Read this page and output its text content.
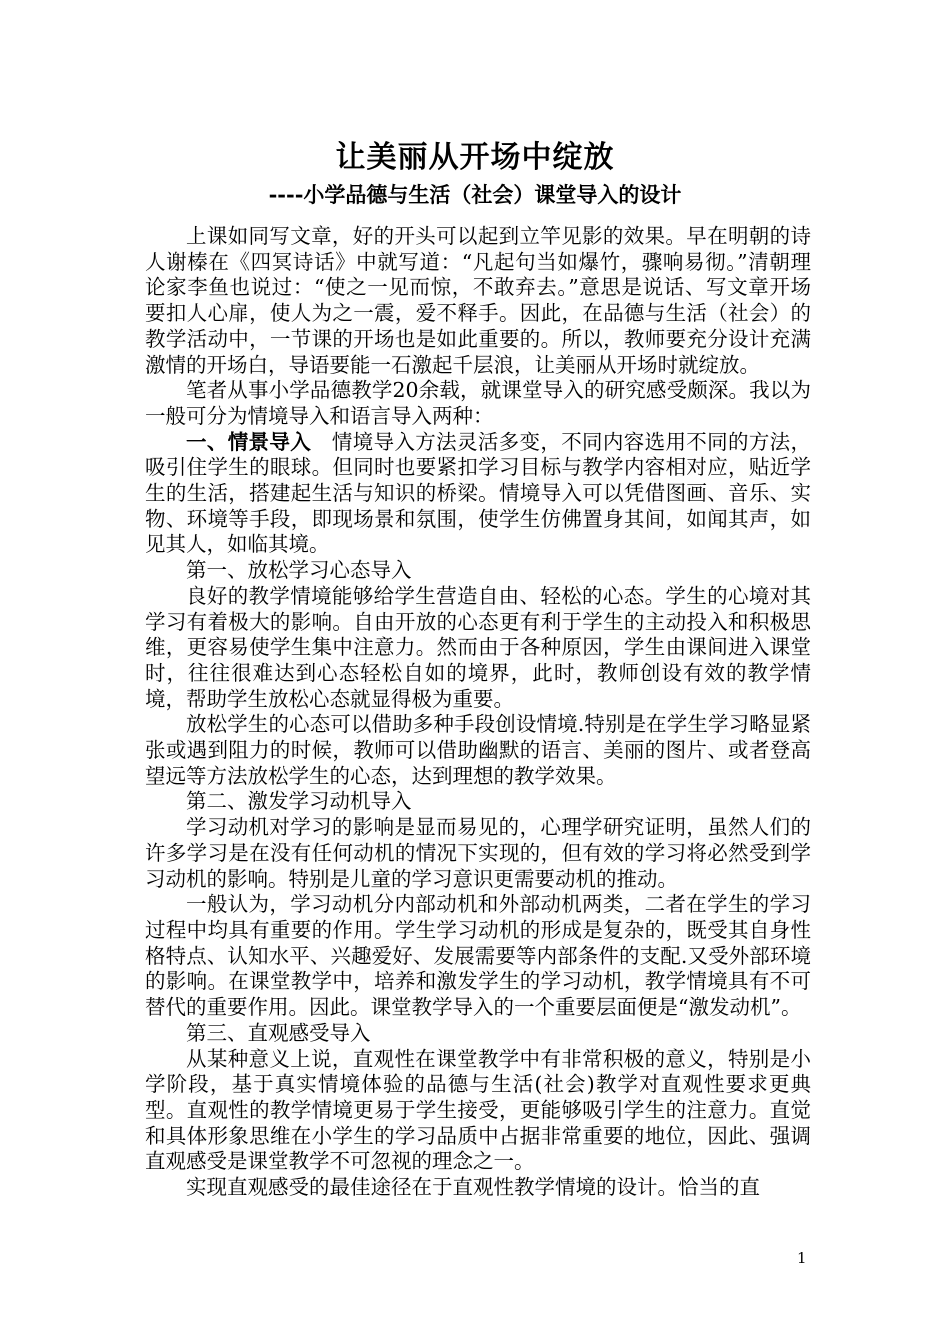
让美丽从开场中绽放
----小学品德与生活（社会）课堂导入的设计

上课如同写文章，好的开头可以起到立竿见影的效果。早在明朝的诗人谢榛在《四冥诗话》中就写道：“凡起句当如爆竹，骤响易彻。”清朝理论家李鱼也说过：“使之一见而惊，不敢弃去。”意思是说话、写文章开场要扣人心扉，使人为之一震，爱不释手。因此，在品德与生活（社会）的教学活动中，一节课的开场也是如此重要的。所以，教师要充分设计充满激情的开场白，导语要能一石激起千层浪，让美丽从开场时就绽放。

笔者从事小学品德教学20余载，就课堂导入的研究感受颇深。我以为一般可分为情境导入和语言导入两种：

一、情景导入　情境导入方法灵活多变，不同内容选用不同的方法，吸引住学生的眼球。但同时也要紧扣学习目标与教学内容相对应，贴近学生的生活，搭建起生活与知识的桥梁。情境导入可以凭借图画、音乐、实物、环境等手段，即现场景和氛围，使学生仿佛置身其间，如闻其声，如见其人，如临其境。

第一、放松学习心态导入

良好的教学情境能够给学生营造自由、轻松的心态。学生的心境对其学习有着极大的影响。自由开放的心态更有利于学生的主动投入和积极思维，更容易使学生集中注意力。然而由于各种原因，学生由课间进入课堂时，往往很难达到心态轻松自如的境界，此时，教师创设有效的教学情境，帮助学生放松心态就显得极为重要。

放松学生的心态可以借助多种手段创设情境.特别是在学生学习略显紧张或遇到阻力的时候，教师可以借助幽默的语言、美丽的图片、或者登高望远等方法放松学生的心态，达到理想的教学效果。

第二、激发学习动机导入

学习动机对学习的影响是显而易见的，心理学研究证明，虽然人们的许多学习是在没有任何动机的情况下实现的，但有效的学习将必然受到学习动机的影响。特别是儿童的学习意识更需要动机的推动。

一般认为，学习动机分内部动机和外部动机两类，二者在学生的学习过程中均具有重要的作用。学生学习动机的形成是复杂的，既受其自身性格特点、认知水平、兴趣爱好、发展需要等内部条件的支配.又受外部环境的影响。在课堂教学中，培养和激发学生的学习动机，教学情境具有不可替代的重要作用。因此。课堂教学导入的一个重要层面便是“激发动机”。

第三、直观感受导入

从某种意义上说，直观性在课堂教学中有非常积极的意义，特别是小学阶段，基于真实情境体验的品德与生活(社会)教学对直观性要求更典型。直观性的教学情境更易于学生接受，更能够吸引学生的注意力。直觉和具体形象思维在小学生的学习品质中占据非常重要的地位，因此、强调直观感受是课堂教学不可忽视的理念之一。

实现直观感受的最佳途径在于直观性教学情境的设计。恰当的直

1
